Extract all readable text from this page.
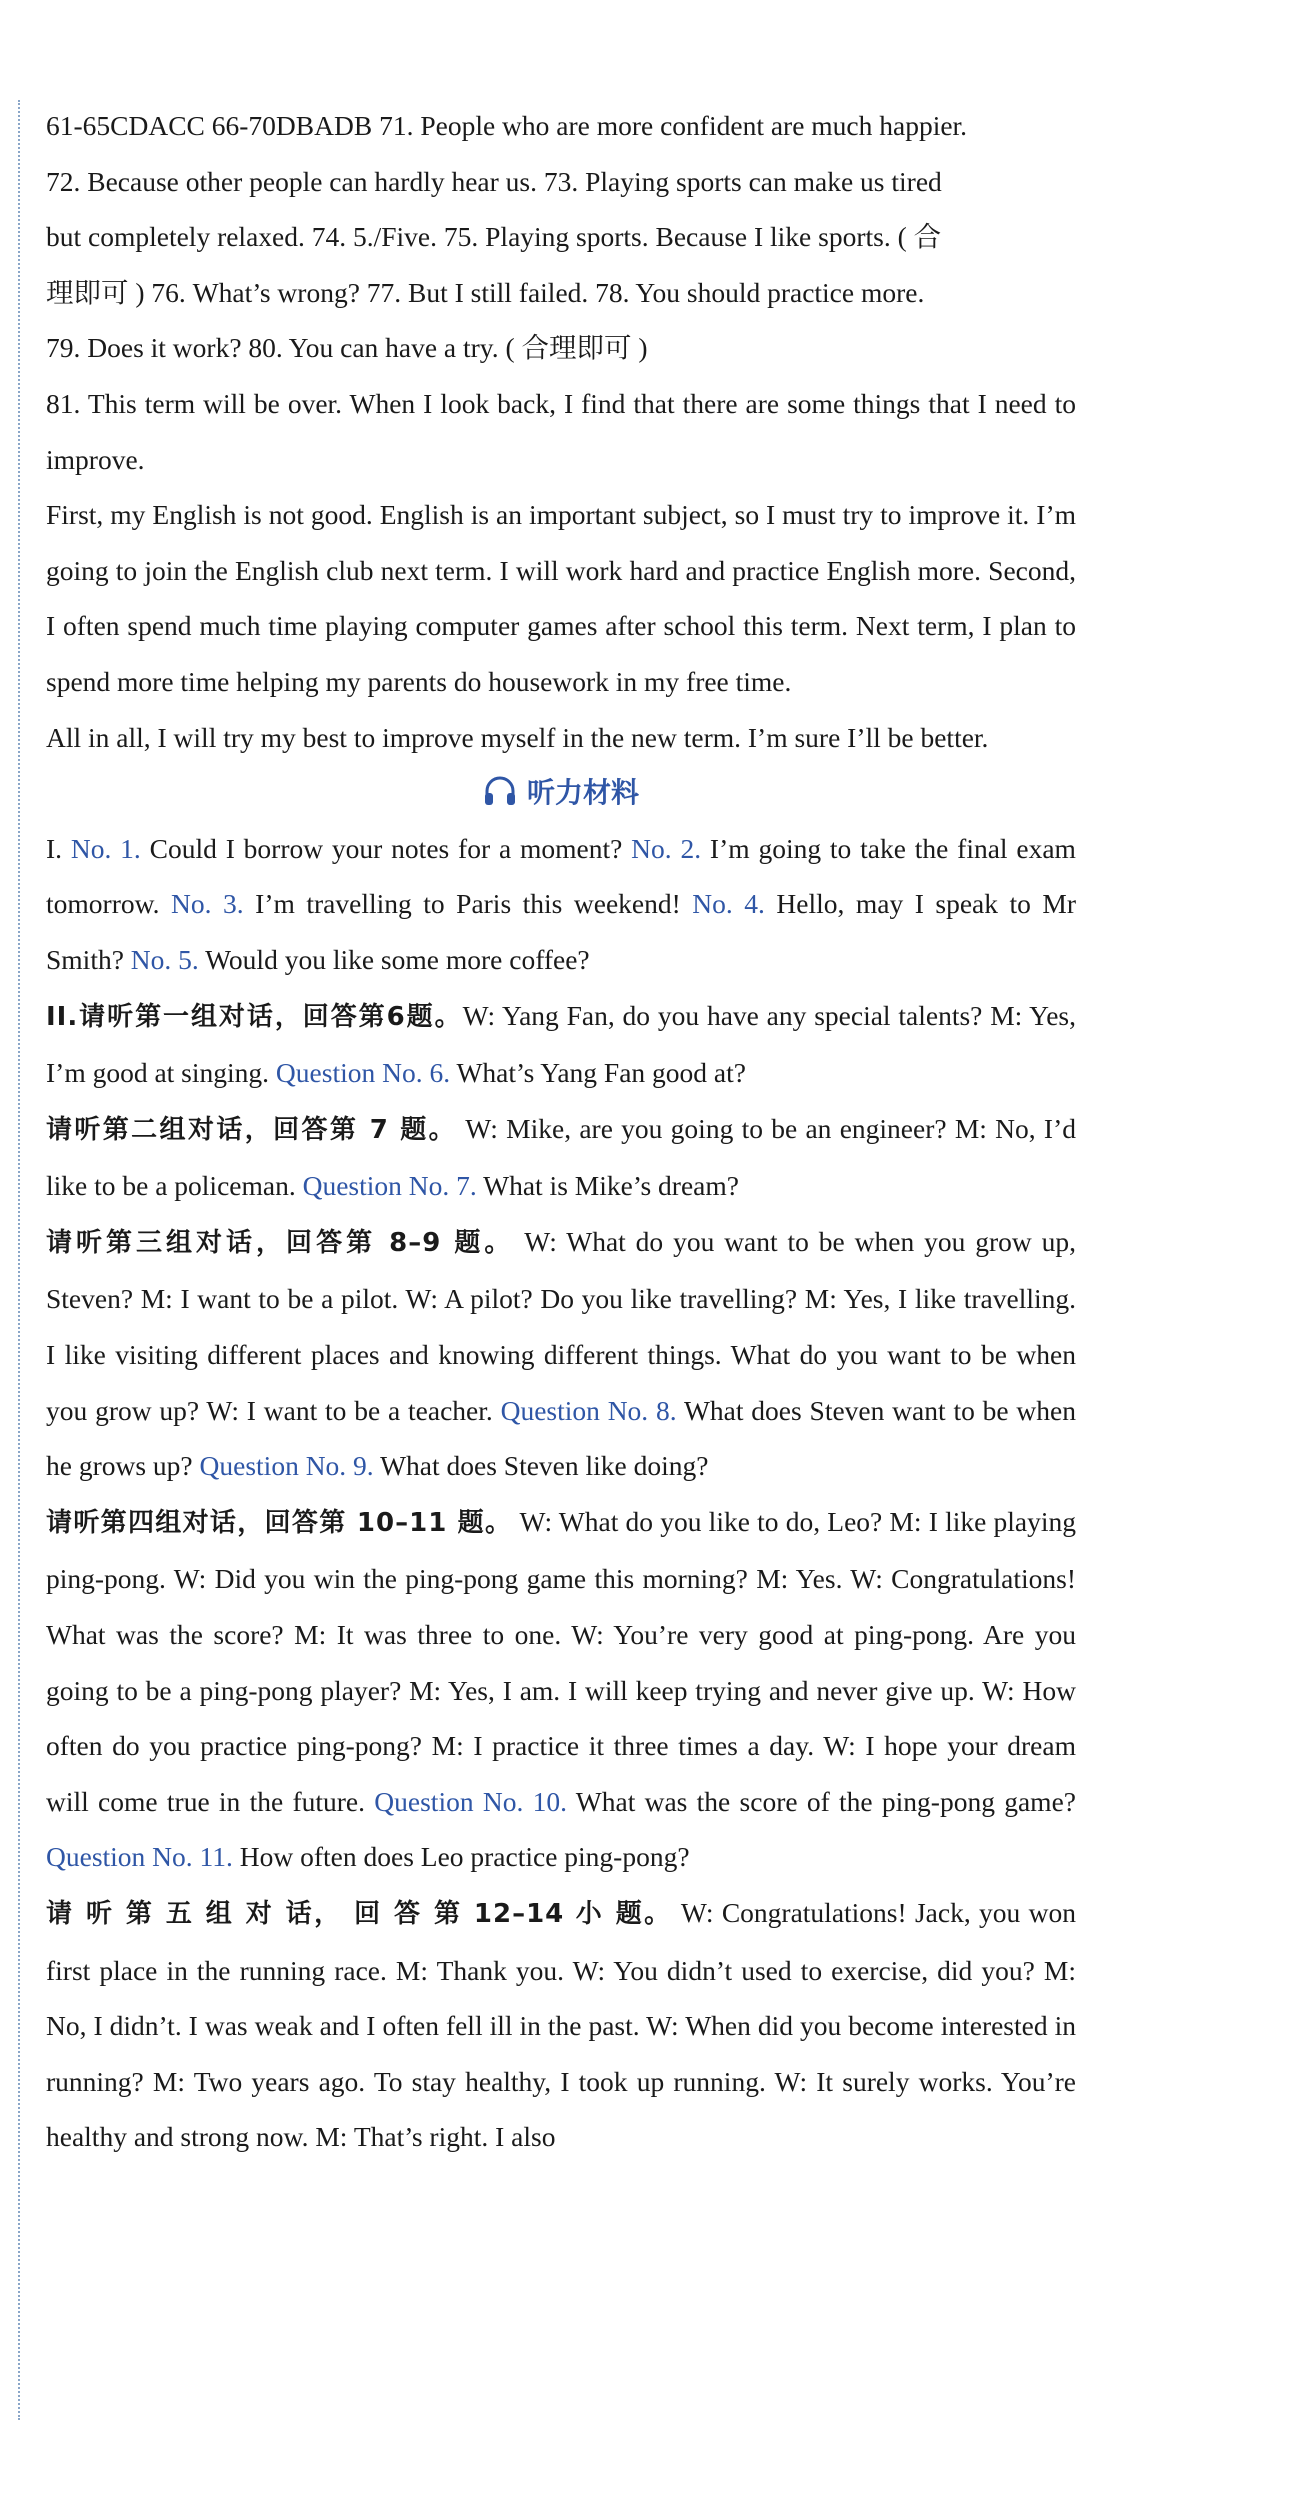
61-65CDACC 66-70DBADB 71. People who are more confident are much happier.

72. Because other people can hardly hear us. 73. Playing sports can make us tired

but completely relaxed. 74. 5./Five. 75. Playing sports. Because I like sports. ( 合

理即可 ) 76. What’s wrong? 77. But I still failed. 78. You should practice more.

79. Does it work? 80. You can have a try. ( 合理即可 )

81. This term will be over. When I look back, I find that there are some things that I need to improve.

First, my English is not good. English is an important subject, so I must try to improve it. I’m going to join the English club next term. I will work hard and practice English more. Second, I often spend much time playing computer games after school this term. Next term, I plan to spend more time helping my parents do housework in my free time.

All in all, I will try my best to improve myself in the new term. I’m sure I’ll be better.

听力材料

I. No. 1. Could I borrow your notes for a moment? No. 2. I’m going to take the final exam tomorrow. No. 3. I’m travelling to Paris this weekend! No. 4. Hello, may I speak to Mr Smith? No. 5. Would you like some more coffee?

II.请听第一组对话，回答第6题。W: Yang Fan, do you have any special talents? M: Yes, I’m good at singing. Question No. 6. What’s Yang Fan good at?

请听第二组对话，回答第 7 题。 W: Mike, are you going to be an engineer? M: No, I’d like to be a policeman. Question No. 7. What is Mike’s dream?

请听第三组对话，回答第 8–9 题。 W: What do you want to be when you grow up, Steven? M: I want to be a pilot. W: A pilot? Do you like travelling? M: Yes, I like travelling. I like visiting different places and knowing different things. What do you want to be when you grow up? W: I want to be a teacher. Question No. 8. What does Steven want to be when he grows up? Question No. 9. What does Steven like doing?

请听第四组对话，回答第 10–11 题。 W: What do you like to do, Leo? M: I like playing ping-pong. W: Did you win the ping-pong game this morning? M: Yes. W: Congratulations! What was the score? M: It was three to one. W: You’re very good at ping-pong. Are you going to be a ping-pong player? M: Yes, I am. I will keep trying and never give up. W: How often do you practice ping-pong? M: I practice it three times a day. W: I hope your dream will come true in the future. Question No. 10. What was the score of the ping-pong game? Question No. 11. How often does Leo practice ping-pong?

请 听 第 五 组 对 话， 回 答 第 12–14 小 题。 W: Congratulations! Jack, you won first place in the running race. M: Thank you. W: You didn’t used to exercise, did you? M: No, I didn’t. I was weak and I often fell ill in the past. W: When did you become interested in running? M: Two years ago. To stay healthy, I took up running. W: It surely works. You’re healthy and strong now. M: That’s right. I also
